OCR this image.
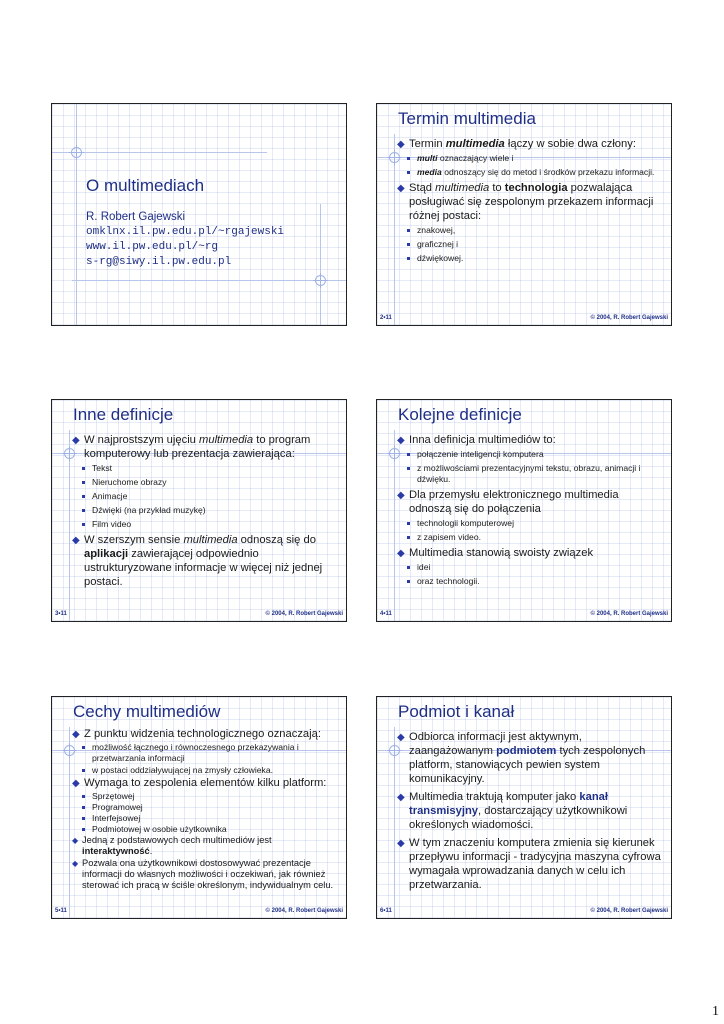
O multimediach
R. Robert Gajewski
omklnx.il.pw.edu.pl/~rgajewski
www.il.pw.edu.pl/~rg
s-rg@siwy.il.pw.edu.pl
Termin multimedia
◆ Termin multimedia łączy w sobie dwa człony:
multi oznaczający wiele i
media odnoszący się do metod i środków przekazu informacji.
◆ Stąd multimedia to technologia pozwalająca posługiwać się zespolonym przekazem informacji różnej postaci:
znakowej,
graficznej i
dźwiękowej.
2•11	© 2004, R. Robert Gajewski
Inne definicje
◆ W najprostszym ujęciu multimedia to program komputerowy lub prezentacja zawierająca:
Tekst
Nieruchome obrazy
Animacje
Dźwięki (na przykład muzykę)
Film video
◆ W szerszym sensie multimedia odnoszą się do aplikacji zawierającej odpowiednio ustrukturyzowane informacje w więcej niż jednej postaci.
3•11	© 2004, R. Robert Gajewski
Kolejne definicje
◆ Inna definicja multimediów to:
połączenie inteligencji komputera
z możliwościami prezentacyjnymi tekstu, obrazu, animacji i dźwięku.
◆ Dla przemysłu elektronicznego multimedia odnoszą się do połączenia
technologii komputerowej
z zapisem video.
◆ Multimedia stanowią swoisty związek
idei
oraz technologii.
4•11	© 2004, R. Robert Gajewski
Cechy multimediów
◆ Z punktu widzenia technologicznego oznaczają:
możliwość łącznego i równoczesnego przekazywania i przetwarzania informacji
w postaci oddziaływującej na zmysły człowieka.
◆ Wymaga to zespolenia elementów kilku platform:
Sprzętowej
Programowej
Interfejsowej
Podmiotowej w osobie użytkownika
◆ Jedną z podstawowych cech multimediów jest interaktywność.
◆ Pozwala ona użytkownikowi dostosowywać prezentacje informacji do własnych możliwości i oczekiwań, jak również sterować ich pracą w ściśle określonym, indywidualnym celu.
5•11	© 2004, R. Robert Gajewski
Podmiot i kanał
◆ Odbiorca informacji jest aktywnym, zaangażowanym podmiotem tych zespolonych platform, stanowiących pewien system komunikacyjny.
◆ Multimedia traktują komputer jako kanał transmisyjny, dostarczający użytkownikowi określonych wiadomości.
◆ W tym znaczeniu komputera zmienia się kierunek przepływu informacji - tradycyjna maszyna cyfrowa wymagała wprowadzania danych w celu ich przetwarzania.
6•11	© 2004, R. Robert Gajewski
1
